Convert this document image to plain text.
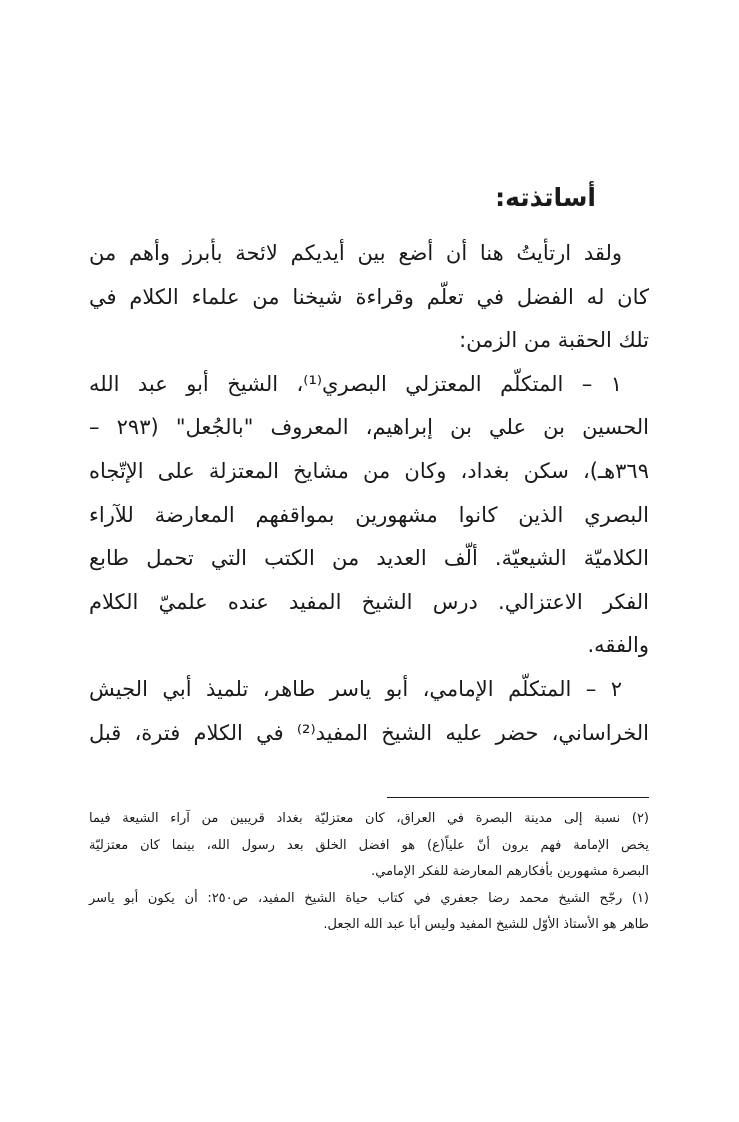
أساتذته:
ولقد ارتأيتُ هنا أن أضع بين أيديكم لائحة بأبرز وأهم من
كان له الفضل في تعلّم وقراءة شيخنا من علماء الكلام في
تلك الحقبة من الزمن:
١ – المتكلّم المعتزلي البصري⁽¹⁾، الشيخ أبو عبد الله
الحسين بن علي بن إبراهيم، المعروف "بالجُعل" (٢٩٣ –
٣٦٩هـ)، سكن بغداد، وكان من مشايخ المعتزلة على الإتّجاه
البصري الذين كانوا مشهورين بمواقفهم المعارضة للآراء
الكلاميّة الشيعيّة. ألّف العديد من الكتب التي تحمل طابع
الفكر الاعتزالي. درس الشيخ المفيد عنده علميّ الكلام
والفقه.
٢ – المتكلّم الإمامي، أبو ياسر طاهر، تلميذ أبي الجيش
الخراساني، حضر عليه الشيخ المفيد⁽²⁾ في الكلام فترة، قبل
(٢) نسبة إلى مدينة البصرة في العراق، كان معتزليّة بغداد قريبين من آراء الشيعة فيما
يخص الإمامة فهم يرون أنّ علياً(ع) هو افضل الخلق بعد رسول الله، بينما كان معتزليّة
البصرة مشهورين بأفكارهم المعارضة للفكر الإمامي.
(١) رجّح الشيخ محمد رضا جعفري في كتاب حياة الشيخ المفيد، ص٢٥٠: أن يكون أبو ياسر
طاهر هو الأستاذ الأوّل للشيخ المفيد وليس أبا عبد الله الجعل.
